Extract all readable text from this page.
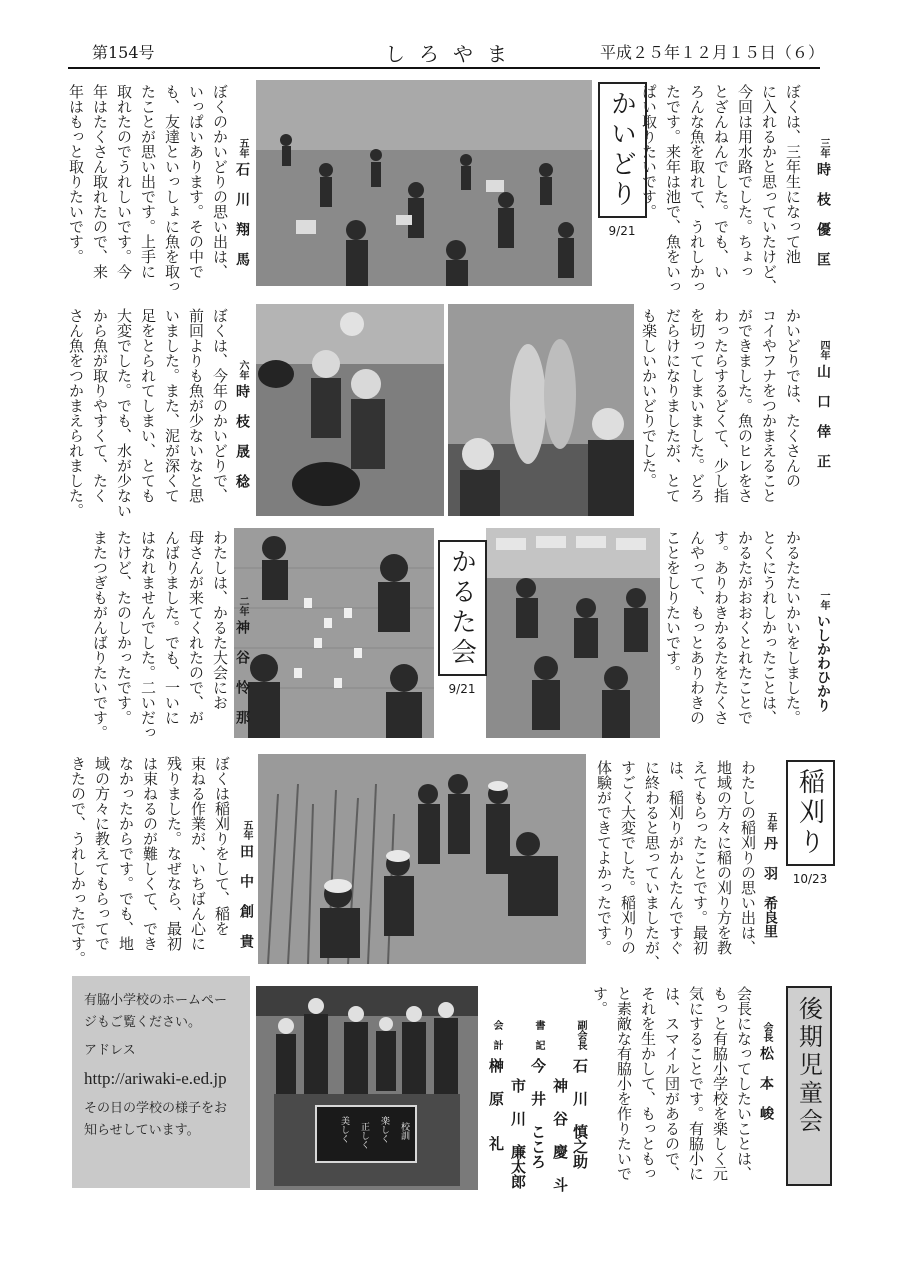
第154号	しろやま	平成２５年１２月１５日（６）
三年時 枝 優 匡
ぼくは、三年生になって池
に入れるかと思っていたけど、
今回は用水路でした。ちょっ
とざんねんでした。でも、い
ろんな魚を取れて、うれしかっ
たです。来年は池で、魚をいっ
ぱい取りたいです。
かいどり
9/21
五年石 川 翔 馬
ぼくのかいどりの思い出は、
いっぱいあります。その中で
も、友達といっしょに魚を取っ
たことが思い出です。上手に
取れたのでうれしいです。今
年はたくさん取れたので、来
年はもっと取りたいです。
四年山 口 倖 正
かいどりでは、たくさんの
コイやフナをつかまえること
ができました。魚のヒレをさ
わったらするどくて、少し指
を切ってしまいました。どろ
だらけになりましたが、とて
も楽しいかいどりでした。
六年時 枝 晟 稔
ぼくは、今年のかいどりで、
前回よりも魚が少ないなと思
いました。また、泥が深くて
足をとられてしまい、とても
大変でした。でも、水が少ない
から魚が取りやすくて、たく
さん魚をつかまえられました。
一年いしかわひかり
かるたたいかいをしました。
とくにうれしかったことは、
かるたがおおくとれたことで
す。ありわきかるたをたくさ
んやって、もっとありわきの
ことをしりたいです。
かるた会
9/21
二年神 谷 怜 那
わたしは、かるた大会にお
母さんが来てくれたので、が
んばりました。でも、一いに
はなれませんでした。二いだっ
たけど、たのしかったです。
またつぎもがんばりたいです。
稲刈り
10/23
五年丹 羽 希良里
わたしの稲刈りの思い出は、
地域の方々に稲の刈り方を教
えてもらったことです。最初
は、稲刈りがかんたんですぐ
に終わると思っていましたが、
すごく大変でした。稲刈りの
体験ができてよかったです。
五年田 中 創 貴
ぼくは稲刈りをして、稲を
束ねる作業が、いちばん心に
残りました。なぜなら、最初
は束ねるのが難しくて、でき
なかったからです。でも、地
域の方々に教えてもらってで
きたので、うれしかったです。
後期児童会
会長松 本 峻
会長になってしたいことは、
もっと有脇小学校を楽しく元
気にすることです。有脇小に
は、スマイル団があるので、
それを生かして、もっともっ
と素敵な有脇小を作りたいで
す。
副会長石 川 慎之助
神 谷 慶 斗
書　記今 井 こころ
市 川 廉太郎
会　計榊 原　　礼
校訓
楽しく
正しく
美しく

有脇小学校のホームページもご覧ください。

アドレス

http://ariwaki-e.ed.jp

その日の学校の様子をお知らせしています。
